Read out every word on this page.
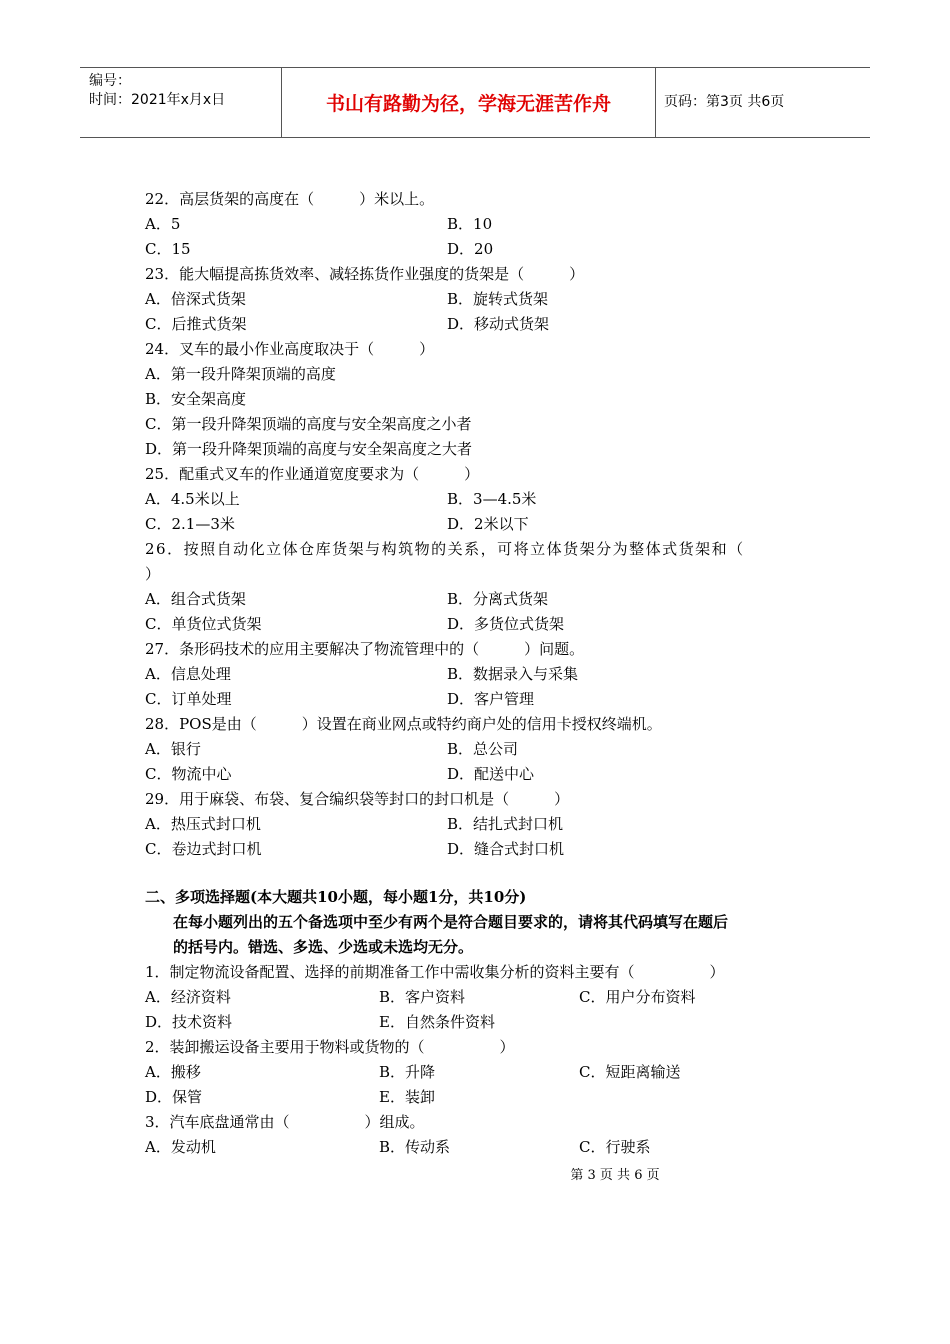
编号：
时间：2021年x月x日	书山有路勤为径，学海无涯苦作舟	页码：第3页 共6页
22．高层货架的高度在（　　　）米以上。
A．5	B．10
C．15	D．20
23．能大幅提高拣货效率、减轻拣货作业强度的货架是（　　　）
A．倍深式货架	B．旋转式货架
C．后推式货架	D．移动式货架
24．叉车的最小作业高度取决于（　　　）
A．第一段升降架顶端的高度
B．安全架高度
C．第一段升降架顶端的高度与安全架高度之小者
D．第一段升降架顶端的高度与安全架高度之大者
25．配重式叉车的作业通道宽度要求为（　　　）
A．4.5米以上	B．3—4.5米
C．2.1—3米	D．2米以下
26．按照自动化立体仓库货架与构筑物的关系，可将立体货架分为整体式货架和（
）
A．组合式货架	B．分离式货架
C．单货位式货架	D．多货位式货架
27．条形码技术的应用主要解决了物流管理中的（　　　）问题。
A．信息处理	B．数据录入与采集
C．订单处理	D．客户管理
28．POS是由（　　　）设置在商业网点或特约商户处的信用卡授权终端机。
A．银行	B．总公司
C．物流中心	D．配送中心
29．用于麻袋、布袋、复合编织袋等封口的封口机是（　　　）
A．热压式封口机	B．结扎式封口机
C．卷边式封口机	D．缝合式封口机
二、多项选择题(本大题共10小题，每小题1分，共10分)
在每小题列出的五个备选项中至少有两个是符合题目要求的，请将其代码填写在题后
的括号内。错选、多选、少选或未选均无分。
1．制定物流设备配置、选择的前期准备工作中需收集分析的资料主要有（　　　　　）
A．经济资料	B．客户资料	C．用户分布资料
D．技术资料	E．自然条件资料
2．装卸搬运设备主要用于物料或货物的（　　　　　）
A．搬移	B．升降	C．短距离输送
D．保管	E．装卸
3．汽车底盘通常由（　　　　　）组成。
A．发动机	B．传动系	C．行驶系
第 3 页 共 6 页
